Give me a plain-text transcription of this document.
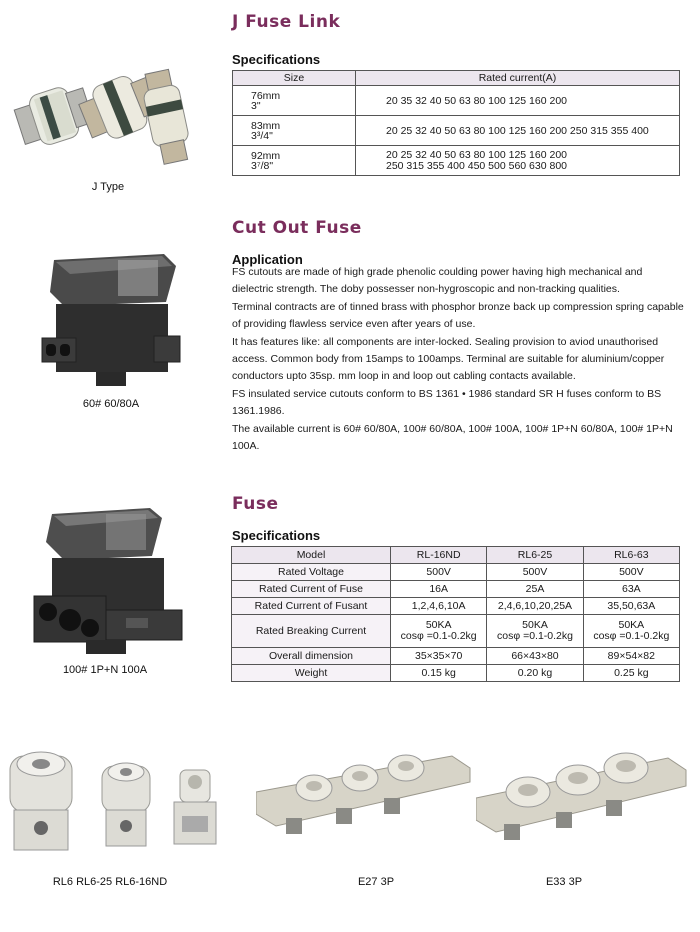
J Fuse Link
Specifications
J Type
Size	Rated current(A)
76mm
3"	20 35 32 40 50 63 80 100 125 160 200
83mm
3³/4"	20 25 32 40 50 63 80 100 125 160 200 250 315 355 400
92mm
3⁷/8"	20 25 32 40 50 63 80 100 125 160 200
250 315 355 400 450 500 560 630 800
Cut Out Fuse
Application
60# 60/80A

FS cutouts are made of high grade phenolic coulding power having high mechanical and dielectric strength. The doby possesser non-hygroscopic and non-tracking qualities.

Terminal contracts are of tinned brass with phosphor bronze back up compression spring capable of providing flawless service even after years of use.

It has features like: all components are inter-locked. Sealing provision to aviod unauthorised access. Common body from 15amps to 100amps. Terminal are suitable for aluminium/copper conductors upto 35sp. mm loop in and loop out cabling contacts available.

FS insulated service cutouts conform to BS 1361 • 1986 standard SR H fuses conform to BS 1361.1986.

The available current is 60# 60/80A, 100# 60/80A, 100# 100A, 100# 1P+N 60/80A, 100# 1P+N 100A.

Fuse
Specifications
100# 1P+N 100A
Model	RL-16ND	RL6-25	RL6-63
Rated Voltage	500V	500V	500V
Rated Current of Fuse	16A	25A	63A
Rated Current of Fusant	1,2,4,6,10A	2,4,6,10,20,25A	35,50,63A
Rated Breaking Current	50KA
cosφ =0.1-0.2kg	50KA
cosφ =0.1-0.2kg	50KA
cosφ =0.1-0.2kg
Overall dimension	35×35×70	66×43×80	89×54×82
Weight	0.15 kg	0.20 kg	0.25 kg
RL6 RL6-25 RL6-16ND	E27 3P	E33 3P
